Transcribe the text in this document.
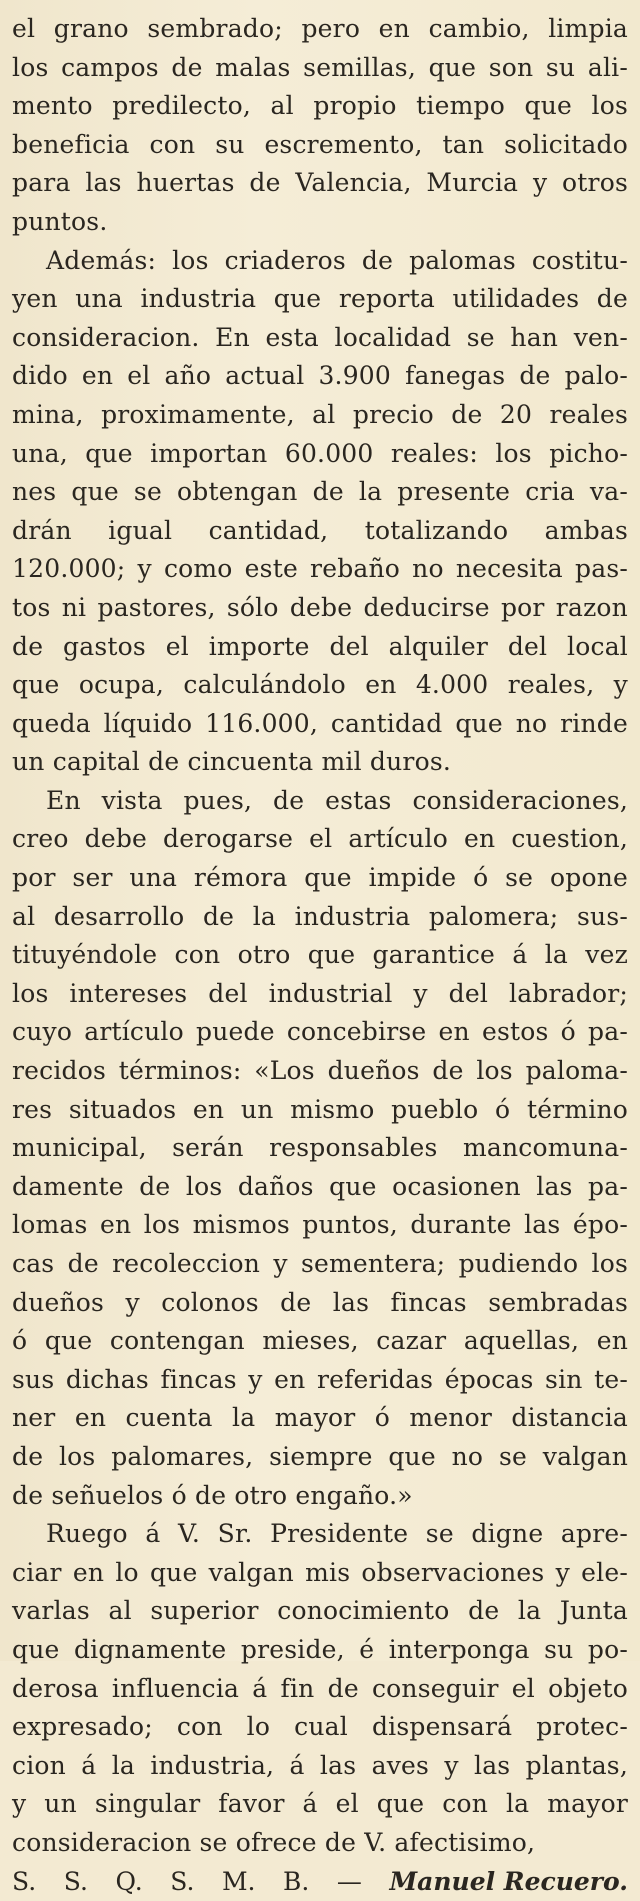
el grano sembrado; pero en cambio, limpia
los campos de malas semillas, que son su ali-
mento predilecto, al propio tiempo que los
beneficia con su escremento, tan solicitado
para las huertas de Valencia, Murcia y otros
puntos.
Además: los criaderos de palomas costitu-
yen una industria que reporta utilidades de
consideracion. En esta localidad se han ven-
dido en el año actual 3.900 fanegas de palo-
mina, proximamente, al precio de 20 reales
una, que importan 60.000 reales: los picho-
nes que se obtengan de la presente cria va-
drán igual cantidad, totalizando ambas
120.000; y como este rebaño no necesita pas-
tos ni pastores, sólo debe deducirse por razon
de gastos el importe del alquiler del local
que ocupa, calculándolo en 4.000 reales, y
queda líquido 116.000, cantidad que no rinde
un capital de cincuenta mil duros.
En vista pues, de estas consideraciones,
creo debe derogarse el artículo en cuestion,
por ser una rémora que impide ó se opone
al desarrollo de la industria palomera; sus-
tituyéndole con otro que garantice á la vez
los intereses del industrial y del labrador;
cuyo artículo puede concebirse en estos ó pa-
recidos términos: «Los dueños de los paloma-
res situados en un mismo pueblo ó término
municipal, serán responsables mancomuna-
damente de los daños que ocasionen las pa-
lomas en los mismos puntos, durante las épo-
cas de recoleccion y sementera; pudiendo los
dueños y colonos de las fincas sembradas
ó que contengan mieses, cazar aquellas, en
sus dichas fincas y en referidas épocas sin te-
ner en cuenta la mayor ó menor distancia
de los palomares, siempre que no se valgan
de señuelos ó de otro engaño.»
Ruego á V. Sr. Presidente se digne apre-
ciar en lo que valgan mis observaciones y ele-
varlas al superior conocimiento de la Junta
que dignamente preside, é interponga su po-
derosa influencia á fin de conseguir el objeto
expresado; con lo cual dispensará protec-
cion á la industria, á las aves y las plantas,
y un singular favor á el que con la mayor
consideracion se ofrece de V. afectisimo,
S. S. Q. S. M. B. — Manuel Recuero.
